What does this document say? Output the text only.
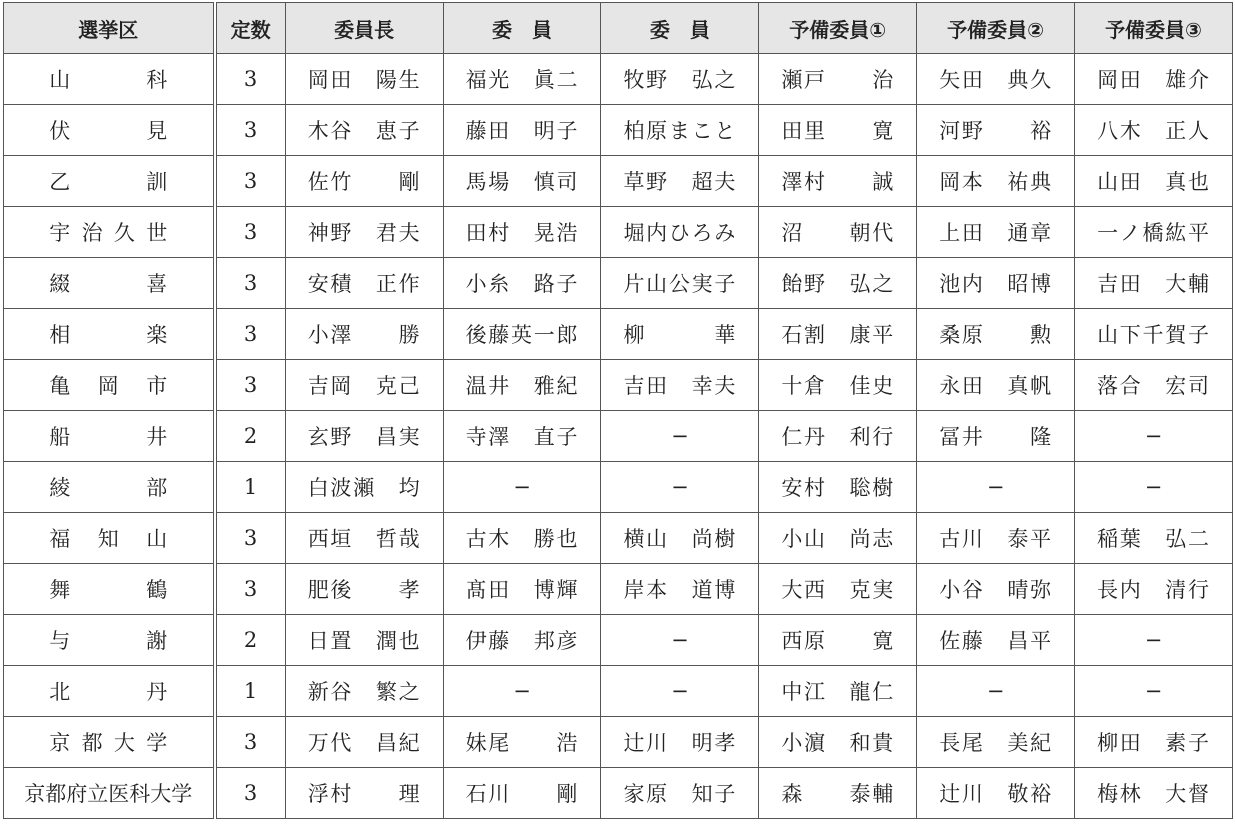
選挙区	定数	委員長	委　員	委　員	予備委員①	予備委員②	予備委員③
山　　科	3	岡田　陽生	福光　眞二	牧野　弘之	瀬戸　　治	矢田　典久	岡田　雄介
伏　　見	3	木谷　恵子	藤田　明子	柏原まこと	田里　　寛	河野　　裕	八木　正人
乙　　訓	3	佐竹　　剛	馬場　慎司	草野　超夫	澤村　　誠	岡本　祐典	山田　真也
宇治久世	3	神野　君夫	田村　晃浩	堀内ひろみ	沼　　朝代	上田　通章	一ノ橋紘平
綴　　喜	3	安積　正作	小糸　路子	片山公実子	飴野　弘之	池内　昭博	吉田　大輔
相　　楽	3	小澤　　勝	後藤英一郎	柳　　　華	石割　康平	桑原　　勲	山下千賀子
亀岡市	3	吉岡　克己	温井　雅紀	吉田　幸夫	十倉　佳史	永田　真帆	落合　宏司
船　　井	2	玄野　昌実	寺澤　直子	−	仁丹　利行	冨井　　隆	−
綾　　部	1	白波瀬　均	−	−	安村　聡樹	−	−
福知山	3	西垣　哲哉	古木　勝也	横山　尚樹	小山　尚志	古川　泰平	稲葉　弘二
舞　　鶴	3	肥後　　孝	髙田　博輝	岸本　道博	大西　克実	小谷　晴弥	長内　清行
与　　謝	2	日置　潤也	伊藤　邦彦	−	西原　　寛	佐藤　昌平	−
北　　丹	1	新谷　繁之	−	−	中江　龍仁	−	−
京都大学	3	万代　昌紀	妹尾　　浩	辻川　明孝	小濵　和貴	長尾　美紀	柳田　素子
京都府立医科大学	3	浮村　　理	石川　　剛	家原　知子	森　　泰輔	辻川　敬裕	梅林　大督
